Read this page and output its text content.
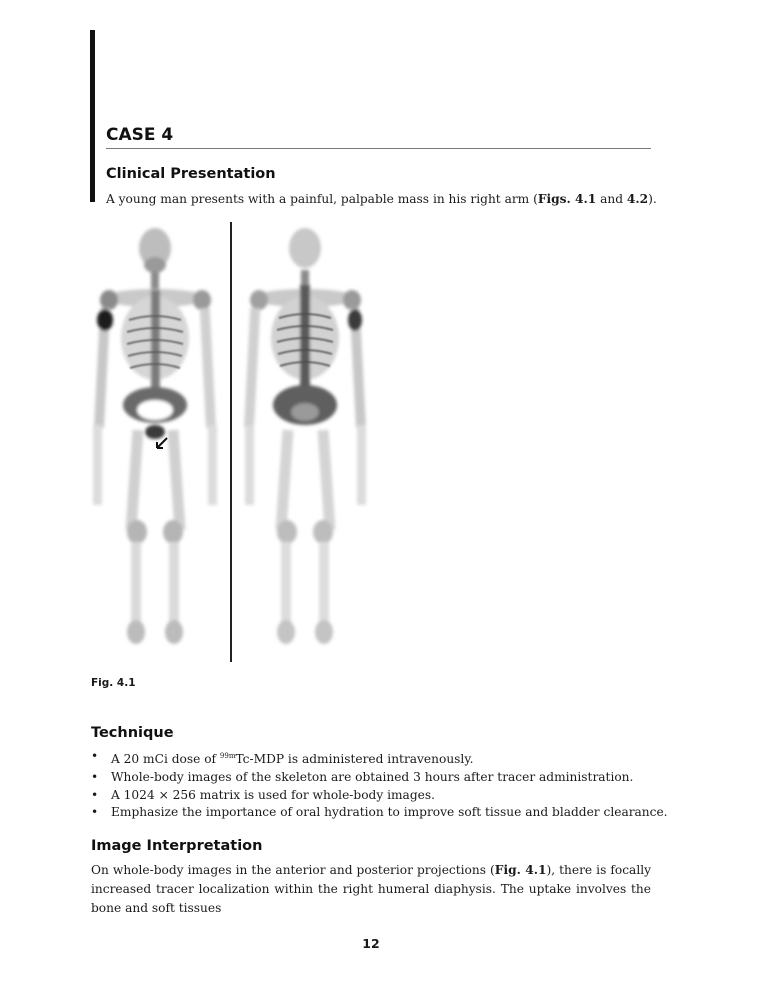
CASE 4
Clinical Presentation

A young man presents with a painful, palpable mass in his right arm (Figs. 4.1 and 4.2).

Fig. 4.1

Technique
• A 20 mCi dose of $^{99m}$Tc-MDP is administered intravenously.
• Whole-body images of the skeleton are obtained 3 hours after tracer administration.
• A 1024 × 256 matrix is used for whole-body images.
• Emphasize the importance of oral hydration to improve soft tissue and bladder clearance.
Image Interpretation

On whole-body images in the anterior and posterior projections (Fig. 4.1), there is focally increased tracer localization within the right humeral diaphysis. The uptake involves the bone and soft tissues

12
